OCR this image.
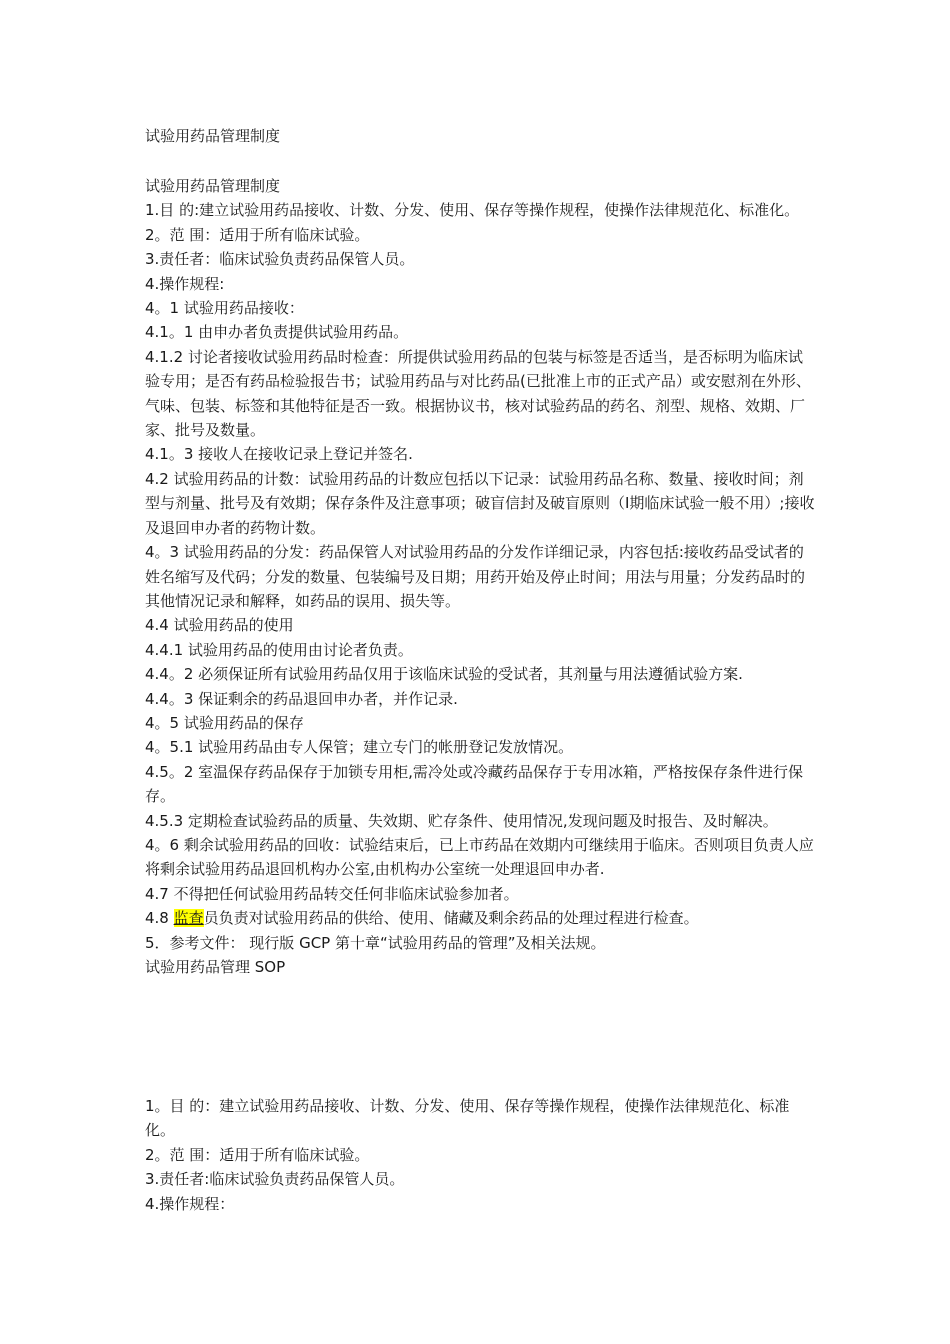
试验用药品管理制度

试验用药品管理制度

1.目 的:建立试验用药品接收、计数、分发、使用、保存等操作规程，使操作法律规范化、标准化。

2。范 围：适用于所有临床试验。

3.责任者：临床试验负责药品保管人员。

4.操作规程:

4。1 试验用药品接收：

4.1。1 由申办者负责提供试验用药品。

4.1.2 讨论者接收试验用药品时检查：所提供试验用药品的包装与标签是否适当，是否标明为临床试验专用；是否有药品检验报告书；试验用药品与对比药品(已批准上市的正式产品）或安慰剂在外形、气味、包装、标签和其他特征是否一致。根据协议书，核对试验药品的药名、剂型、规格、效期、厂家、批号及数量。

4.1。3 接收人在接收记录上登记并签名.

4.2 试验用药品的计数：试验用药品的计数应包括以下记录：试验用药品名称、数量、接收时间；剂型与剂量、批号及有效期；保存条件及注意事项；破盲信封及破盲原则（Ⅰ期临床试验一般不用）;接收及退回申办者的药物计数。

4。3 试验用药品的分发：药品保管人对试验用药品的分发作详细记录，内容包括:接收药品受试者的姓名缩写及代码；分发的数量、包装编号及日期；用药开始及停止时间；用法与用量；分发药品时的其他情况记录和解释，如药品的误用、损失等。

4.4 试验用药品的使用

4.4.1 试验用药品的使用由讨论者负责。

4.4。2 必须保证所有试验用药品仅用于该临床试验的受试者，其剂量与用法遵循试验方案.

4.4。3 保证剩余的药品退回申办者，并作记录.

4。5 试验用药品的保存

4。5.1 试验用药品由专人保管；建立专门的帐册登记发放情况。

4.5。2 室温保存药品保存于加锁专用柜,需冷处或冷藏药品保存于专用冰箱，严格按保存条件进行保存。

4.5.3 定期检查试验药品的质量、失效期、贮存条件、使用情况,发现问题及时报告、及时解决。

4。6 剩余试验用药品的回收：试验结束后，已上市药品在效期内可继续用于临床。否则项目负责人应将剩余试验用药品退回机构办公室,由机构办公室统一处理退回申办者.

4.7 不得把任何试验用药品转交任何非临床试验参加者。

4.8 监查员负责对试验用药品的供给、使用、储藏及剩余药品的处理过程进行检查。

5．参考文件： 现行版 GCP 第十章“试验用药品的管理”及相关法规。

试验用药品管理 SOP

1。目 的：建立试验用药品接收、计数、分发、使用、保存等操作规程，使操作法律规范化、标准化。

2。范 围：适用于所有临床试验。

3.责任者:临床试验负责药品保管人员。

4.操作规程：
